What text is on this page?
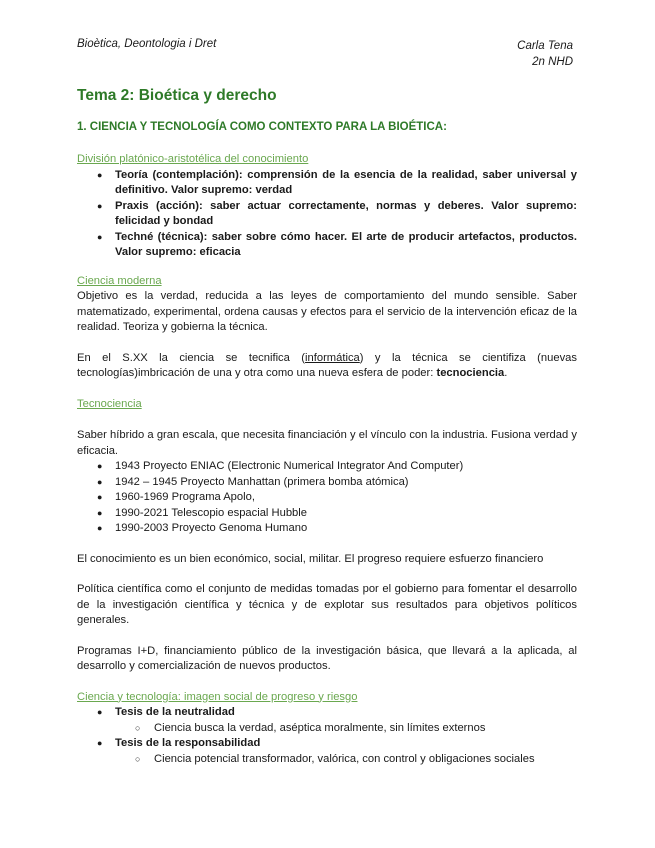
Bioètica, Deontologia i Dret	Carla Tena
2n NHD
Tema 2: Bioética y derecho
1. CIENCIA Y TECNOLOGÍA COMO CONTEXTO PARA LA BIOÉTICA:
División platónico-aristotélica del conocimiento
● Teoría (contemplación): comprensión de la esencia de la realidad, saber universal y definitivo. Valor supremo: verdad
● Praxis (acción): saber actuar correctamente, normas y deberes. Valor supremo: felicidad y bondad
● Techné (técnica): saber sobre cómo hacer. El arte de producir artefactos, productos. Valor supremo: eficacia
Ciencia moderna

Objetivo es la verdad, reducida a las leyes de comportamiento del mundo sensible. Saber matematizado, experimental, ordena causas y efectos para el servicio de la intervención eficaz de la realidad. Teoriza y gobierna la técnica.

En el S.XX la ciencia se tecnifica (informática) y la técnica se cientifiza (nuevas tecnologías)imbricación de una y otra como una nueva esfera de poder: tecnociencia.

Tecnociencia

Saber híbrido a gran escala, que necesita financiación y el vínculo con la industria. Fusiona verdad y eficacia.

● 1943 Proyecto ENIAC (Electronic Numerical Integrator And Computer)
● 1942 – 1945 Proyecto Manhattan (primera bomba atómica)
● 1960-1969 Programa Apolo,
● 1990-2021 Telescopio espacial Hubble
● 1990-2003 Proyecto Genoma Humano

El conocimiento es un bien económico, social, militar. El progreso requiere esfuerzo financiero

Política científica como el conjunto de medidas tomadas por el gobierno para fomentar el desarrollo de la investigación científica y técnica y de explotar sus resultados para objetivos políticos generales.

Programas I+D, financiamiento público de la investigación básica, que llevará a la aplicada, al desarrollo y comercialización de nuevos productos.

Ciencia y tecnología: imagen social de progreso y riesgo
● Tesis de la neutralidad
○ Ciencia busca la verdad, aséptica moralmente, sin límites externos
● Tesis de la responsabilidad
○ Ciencia potencial transformador, valórica, con control y obligaciones sociales
